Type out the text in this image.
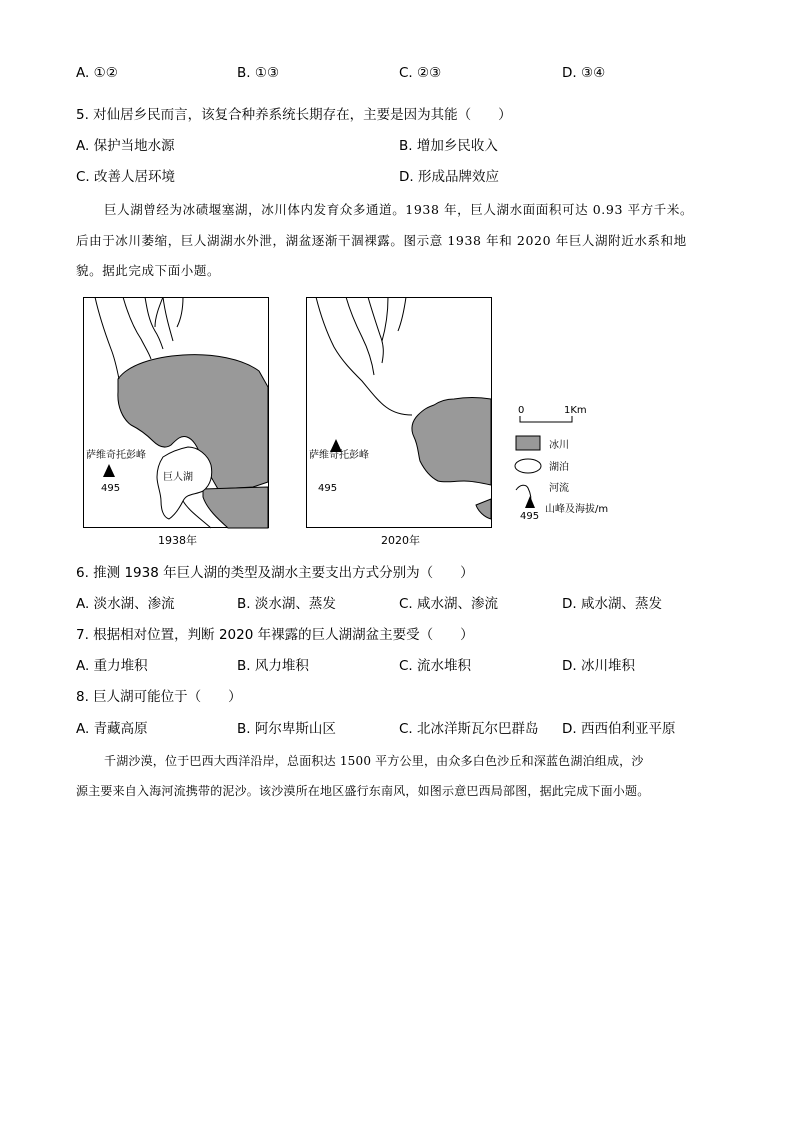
A. ①②	B. ①③	C. ②③	D. ③④
5. 对仙居乡民而言，该复合种养系统长期存在，主要是因为其能（　　）
A. 保护当地水源	B. 增加乡民收入
C. 改善人居环境	D. 形成品牌效应
巨人湖曾经为冰碛堰塞湖，冰川体内发育众多通道。1938 年，巨人湖水面面积可达 0.93 平方千米。
后由于冰川萎缩，巨人湖湖水外泄，湖盆逐渐干涸裸露。图示意 1938 年和 2020 年巨人湖附近水系和地
貌。据此完成下面小题。
萨维奇托彭峰
495
巨人湖
1938年
萨维奇托彭峰
495
2020年
0	1Km
冰川
湖泊
河流
495
山峰及海拔/m
6. 推测 1938 年巨人湖的类型及湖水主要支出方式分别为（　　）
A. 淡水湖、渗流	B. 淡水湖、蒸发	C. 咸水湖、渗流	D. 咸水湖、蒸发
7. 根据相对位置，判断 2020 年裸露的巨人湖湖盆主要受（　　）
A. 重力堆积	B. 风力堆积	C. 流水堆积	D. 冰川堆积
8. 巨人湖可能位于（　　）
A. 青藏高原	B. 阿尔卑斯山区	C. 北冰洋斯瓦尔巴群岛 D. 西西伯利亚平原
千湖沙漠，位于巴西大西洋沿岸，总面积达 1500 平方公里，由众多白色沙丘和深蓝色湖泊组成，沙
源主要来自入海河流携带的泥沙。该沙漠所在地区盛行东南风，如图示意巴西局部图，据此完成下面小题。
